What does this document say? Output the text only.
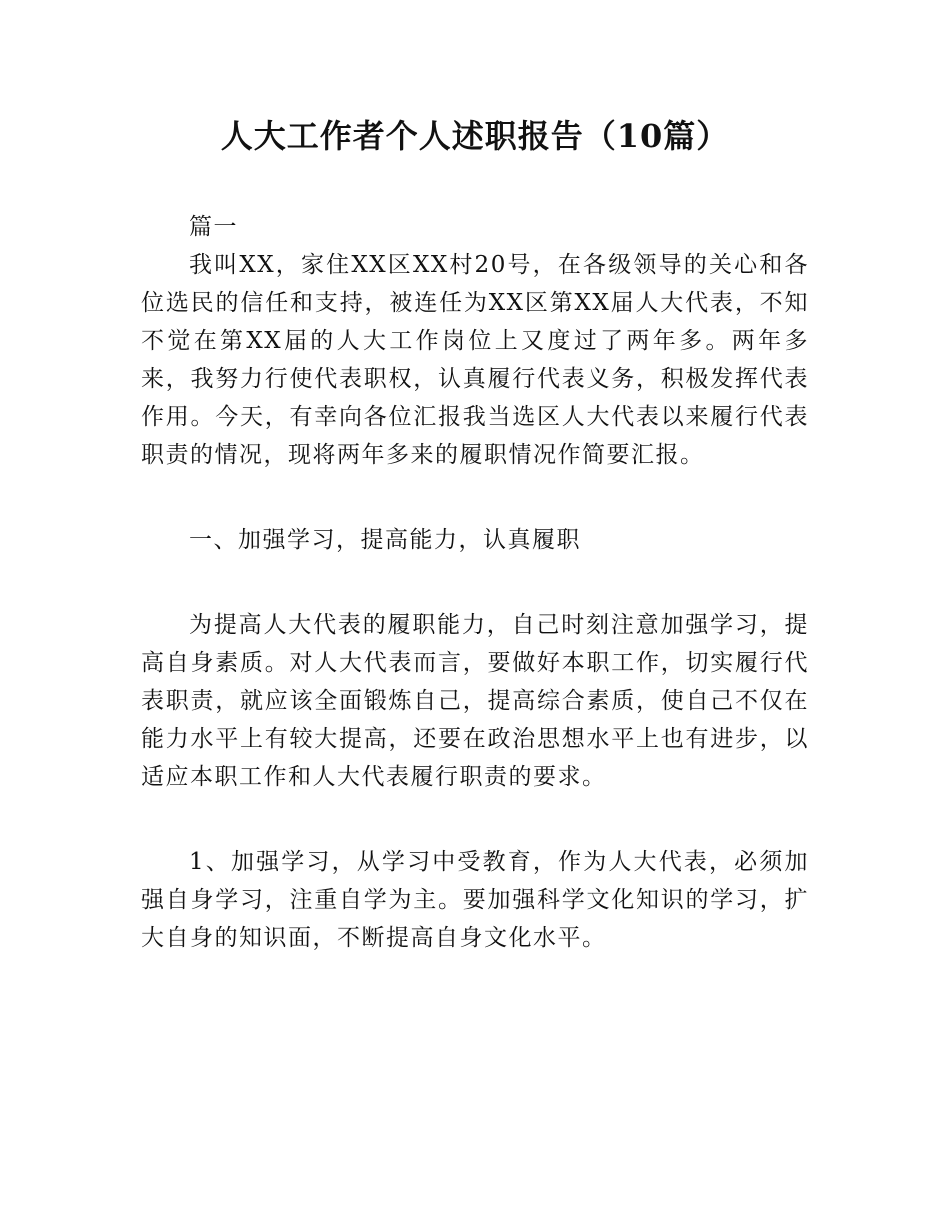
人大工作者个人述职报告（10篇）

篇一

我叫XX，家住XX区XX村20号，在各级领导的关心和各位选民的信任和支持，被连任为XX区第XX届人大代表，不知不觉在第XX届的人大工作岗位上又度过了两年多。两年多来，我努力行使代表职权，认真履行代表义务，积极发挥代表作用。今天，有幸向各位汇报我当选区人大代表以来履行代表职责的情况，现将两年多来的履职情况作简要汇报。

一、加强学习，提高能力，认真履职

为提高人大代表的履职能力，自己时刻注意加强学习，提高自身素质。对人大代表而言，要做好本职工作，切实履行代表职责，就应该全面锻炼自己，提高综合素质，使自己不仅在能力水平上有较大提高，还要在政治思想水平上也有进步，以适应本职工作和人大代表履行职责的要求。

1、加强学习，从学习中受教育，作为人大代表，必须加强自身学习，注重自学为主。要加强科学文化知识的学习，扩大自身的知识面，不断提高自身文化水平。
